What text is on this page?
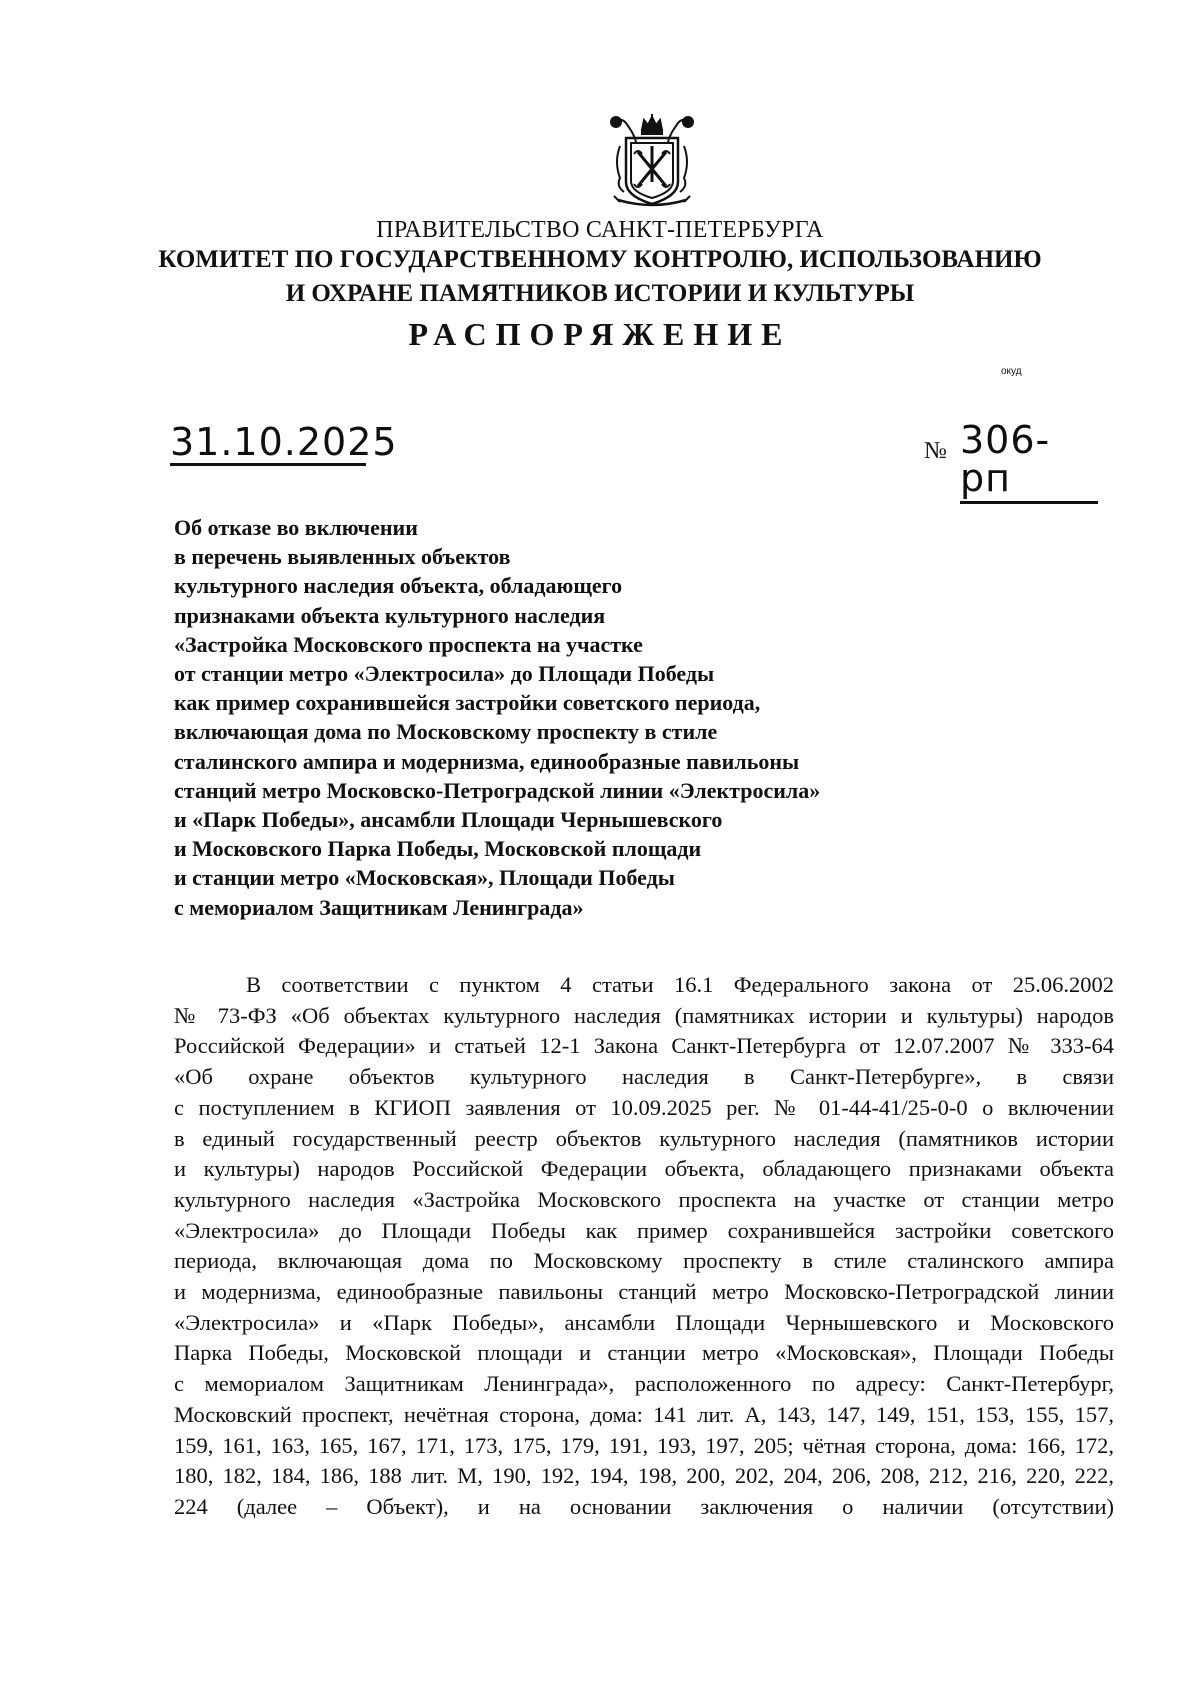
ПРАВИТЕЛЬСТВО САНКТ-ПЕТЕРБУРГА
КОМИТЕТ ПО ГОСУДАРСТВЕННОМУ КОНТРОЛЮ, ИСПОЛЬЗОВАНИЮ
И ОХРАНЕ ПАМЯТНИКОВ ИСТОРИИ И КУЛЬТУРЫ
РАСПОРЯЖЕНИЕ
окуд
31.10.2025	№ 306-рп
Об отказе во включении
в перечень выявленных объектов
культурного наследия объекта, обладающего
признаками объекта культурного наследия
«Застройка Московского проспекта на участке
от станции метро «Электросила» до Площади Победы
как пример сохранившейся застройки советского периода,
включающая дома по Московскому проспекту в стиле
сталинского ампира и модернизма, единообразные павильоны
станций метро Московско-Петроградской линии «Электросила»
и «Парк Победы», ансамбли Площади Чернышевского
и Московского Парка Победы, Московской площади
и станции метро «Московская», Площади Победы
с мемориалом Защитникам Ленинграда»
В соответствии с пунктом 4 статьи 16.1 Федерального закона от 25.06.2002
№ 73-ФЗ «Об объектах культурного наследия (памятниках истории и культуры) народов
Российской Федерации» и статьей 12-1 Закона Санкт-Петербурга от 12.07.2007 № 333-64
«Об охране объектов культурного наследия в Санкт-Петербурге», в связи
с поступлением в КГИОП заявления от 10.09.2025 рег. № 01-44-41/25-0-0 о включении
в единый государственный реестр объектов культурного наследия (памятников истории
и культуры) народов Российской Федерации объекта, обладающего признаками объекта
культурного наследия «Застройка Московского проспекта на участке от станции метро
«Электросила» до Площади Победы как пример сохранившейся застройки советского
периода, включающая дома по Московскому проспекту в стиле сталинского ампира
и модернизма, единообразные павильоны станций метро Московско-Петроградской линии
«Электросила» и «Парк Победы», ансамбли Площади Чернышевского и Московского
Парка Победы, Московской площади и станции метро «Московская», Площади Победы
с мемориалом Защитникам Ленинграда», расположенного по адресу: Санкт-Петербург,
Московский проспект, нечётная сторона, дома: 141 лит. А, 143, 147, 149, 151, 153, 155, 157,
159, 161, 163, 165, 167, 171, 173, 175, 179, 191, 193, 197, 205; чётная сторона, дома: 166, 172,
180, 182, 184, 186, 188 лит. М, 190, 192, 194, 198, 200, 202, 204, 206, 208, 212, 216, 220, 222,
224 (далее – Объект), и на основании заключения о наличии (отсутствии)
